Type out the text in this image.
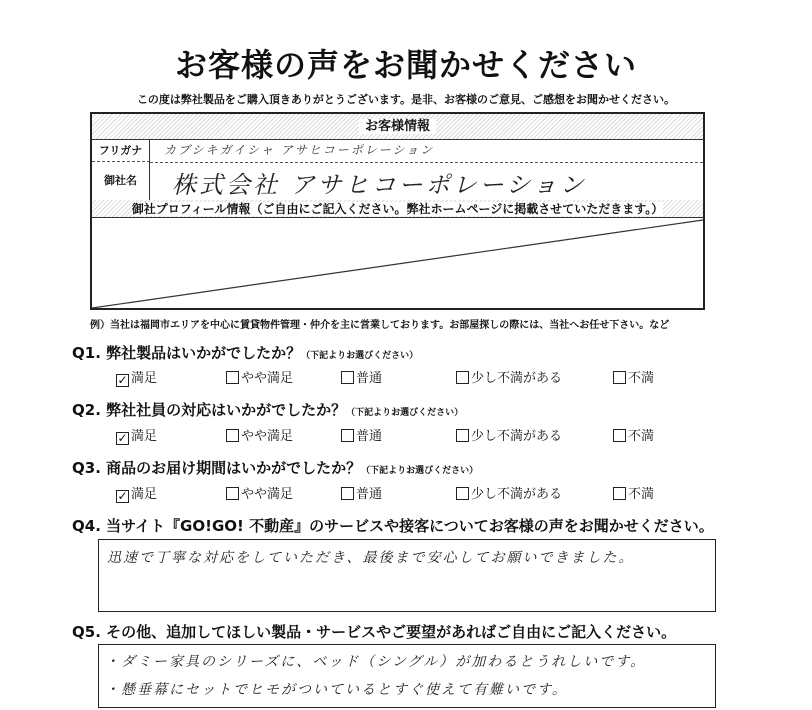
お客様の声をお聞かせください
この度は弊社製品をご購入頂きありがとうございます。是非、お客様のご意見、ご感想をお聞かせください。
お客様情報
フリガナ	カブシキガイシャ アサヒコーポレーション
御社名	株式会社 アサヒコーポレーション
御社プロフィール情報（ご自由にご記入ください。弊社ホームページに掲載させていただきます。）
例）当社は福岡市エリアを中心に賃貸物件管理・仲介を主に営業しております。お部屋探しの際には、当社へお任せ下さい。など
Q1. 弊社製品はいかがでしたか？（下記よりお選びください）
✓ 満足	やや満足	普通	少し不満がある	不満
Q2. 弊社社員の対応はいかがでしたか？（下記よりお選びください）
✓ 満足	やや満足	普通	少し不満がある	不満
Q3. 商品のお届け期間はいかがでしたか？（下記よりお選びください）
✓ 満足	やや満足	普通	少し不満がある	不満
Q4. 当サイト『GO!GO! 不動産』のサービスや接客についてお客様の声をお聞かせください。
迅速で丁寧な対応をしていただき、最後まで安心してお願いできました。
Q5. その他、追加してほしい製品・サービスやご要望があればご自由にご記入ください。
・ダミー家具のシリーズに、ベッド（シングル）が加わるとうれしいです。
・懸垂幕にセットでヒモがついているとすぐ使えて有難いです。
